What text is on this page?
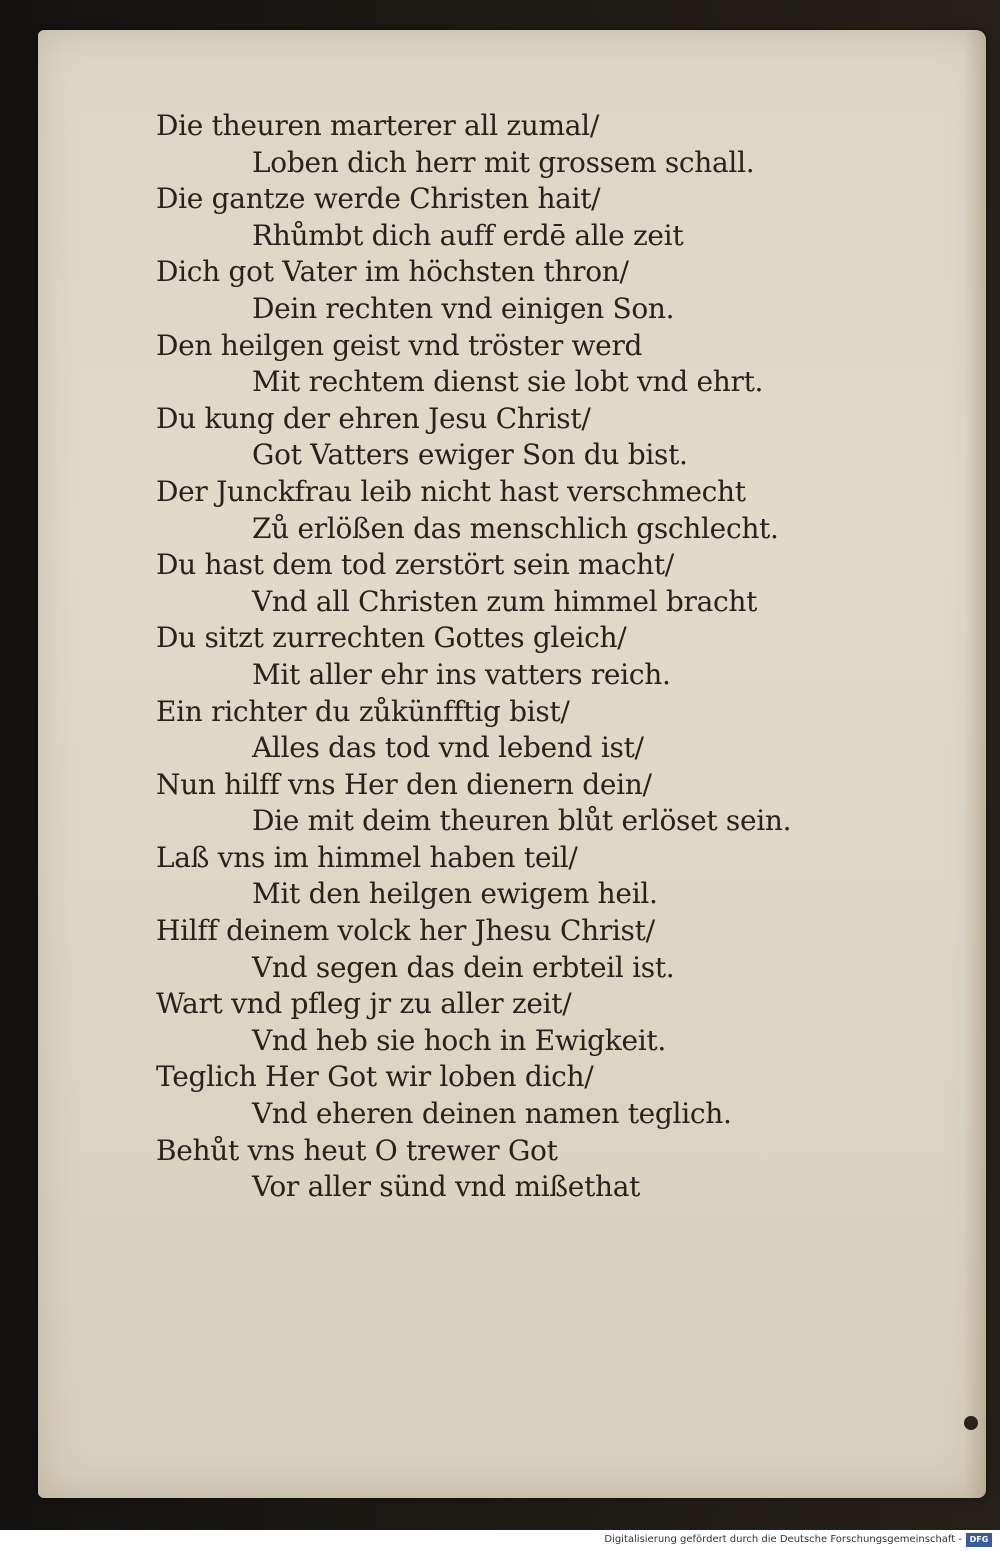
Die theuren marterer all zumal/
Loben dich herr mit grossem schall.
Die gantze werde Christen hait/
Rhůmbt dich auff erdē alle zeit
Dich got Vater im höchsten thron/
Dein rechten vnd einigen Son.
Den heilgen geist vnd tröster werd
Mit rechtem dienst sie lobt vnd ehrt.
Du kung der ehren Jesu Christ/
Got Vatters ewiger Son du bist.
Der Junckfrau leib nicht hast verschmecht
Zů erlößen das menschlich gschlecht.
Du hast dem tod zerstört sein macht/
Vnd all Christen zum himmel bracht
Du sitzt zurrechten Gottes gleich/
Mit aller ehr ins vatters reich.
Ein richter du zůkünfftig bist/
Alles das tod vnd lebend ist/
Nun hilff vns Her den dienern dein/
Die mit deim theuren blůt erlöset sein.
Laß vns im himmel haben teil/
Mit den heilgen ewigem heil.
Hilff deinem volck her Jhesu Christ/
Vnd segen das dein erbteil ist.
Wart vnd pfleg jr zu aller zeit/
Vnd heb sie hoch in Ewigkeit.
Teglich Her Got wir loben dich/
Vnd eheren deinen namen teglich.
Behůt vns heut O trewer Got
Vor aller sünd vnd mißethat
Digitalisierung gefördert durch die Deutsche Forschungsgemeinschaft - DFG
